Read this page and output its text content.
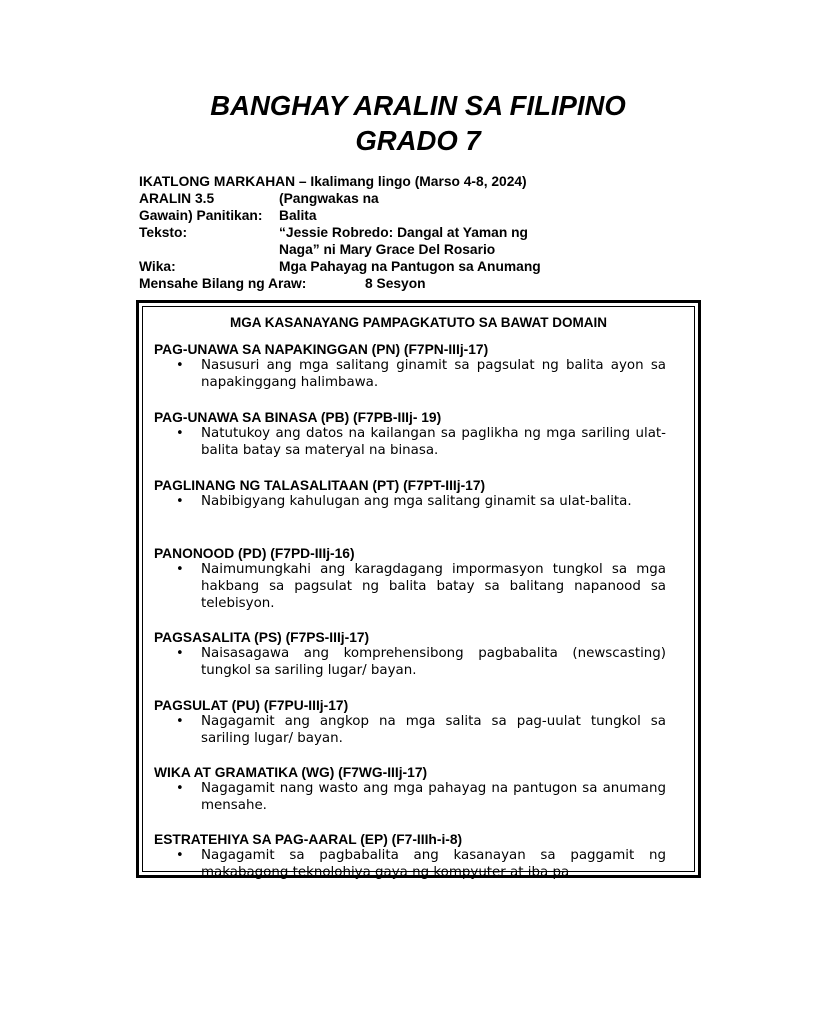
BANGHAY ARALIN SA FILIPINO
GRADO 7
IKATLONG MARKAHAN – Ikalimang lingo (Marso 4-8, 2024)
ARALIN 3.5	(Pangwakas na
Gawain) Panitikan: Balita
Teksto:	“Jessie Robredo: Dangal at Yaman ng
Naga” ni Mary Grace Del Rosario
Wika:	Mga Pahayag na Pantugon sa Anumang
Mensahe Bilang ng Araw:	8 Sesyon
MGA KASANAYANG PAMPAGKATUTO SA BAWAT DOMAIN
PAG-UNAWA SA NAPAKINGGAN (PN) (F7PN-IIIj-17)
• Nasusuri ang mga salitang ginamit sa pagsulat ng balita ayon sa napakinggang halimbawa.
PAG-UNAWA SA BINASA (PB) (F7PB-IIIj- 19)
• Natutukoy ang datos na kailangan sa paglikha ng mga sariling ulat-balita batay sa materyal na binasa.
PAGLINANG NG TALASALITAAN (PT) (F7PT-IIIj-17)
• Nabibigyang kahulugan ang mga salitang ginamit sa ulat-balita.
PANONOOD (PD) (F7PD-IIIj-16)
• Naimumungkahi ang karagdagang impormasyon tungkol sa mga hakbang sa pagsulat ng balita batay sa balitang napanood sa telebisyon.
PAGSASALITA (PS) (F7PS-IIIj-17)
• Naisasagawa ang komprehensibong pagbabalita (newscasting) tungkol sa sariling lugar/ bayan.
PAGSULAT (PU) (F7PU-IIIj-17)
• Nagagamit ang angkop na mga salita sa pag-uulat tungkol sa sariling lugar/ bayan.
WIKA AT GRAMATIKA (WG) (F7WG-IIIj-17)
• Nagagamit nang wasto ang mga pahayag na pantugon sa anumang mensahe.
ESTRATEHIYA SA PAG-AARAL (EP) (F7-IIIh-i-8)
• Nagagamit sa pagbabalita ang kasanayan sa paggamit ng makabagong teknolohiya gaya ng kompyuter at iba pa
